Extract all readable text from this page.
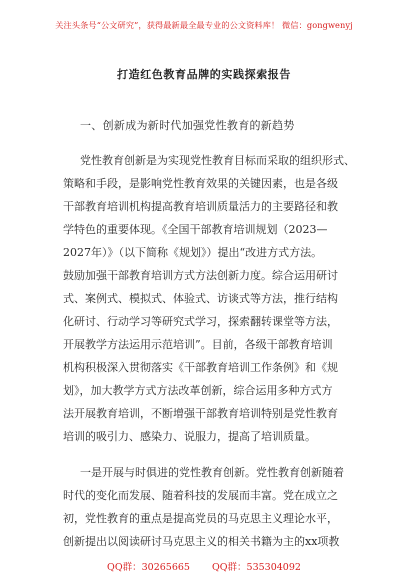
关注头条号“公文研究”，获得最新最全最专业的公文资料库！ 微信：gongwenyj
打造红色教育品牌的实践探索报告
一、创新成为新时代加强党性教育的新趋势
党性教育创新是为实现党性教育目标而采取的组织形式、
策略和手段，是影响党性教育效果的关键因素，也是各级
干部教育培训机构提高教育培训质量活力的主要路径和教
学特色的重要体现。《全国干部教育培训规划（2023—
2027年）》（以下简称《规划》）提出“改进方式方法。
鼓励加强干部教育培训方式方法创新力度。综合运用研讨
式、案例式、模拟式、体验式、访谈式等方法，推行结构
化研讨、行动学习等研究式学习，探索翻转课堂等方法，
开展教学方法运用示范培训”。目前，各级干部教育培训
机构积极深入贯彻落实《干部教育培训工作条例》和《规
划》，加大教学方式方法改革创新，综合运用多种方式方
法开展教育培训，不断增强干部教育培训特别是党性教育
培训的吸引力、感染力、说服力，提高了培训质量。
一是开展与时俱进的党性教育创新。党性教育创新随着
时代的变化而发展、随着科技的发展而丰富。党在成立之
初，党性教育的重点是提高党员的马克思主义理论水平，
创新提出以阅读研讨马克思主义的相关书籍为主的xx项教
QQ群：30265665 QQ群：535304092
